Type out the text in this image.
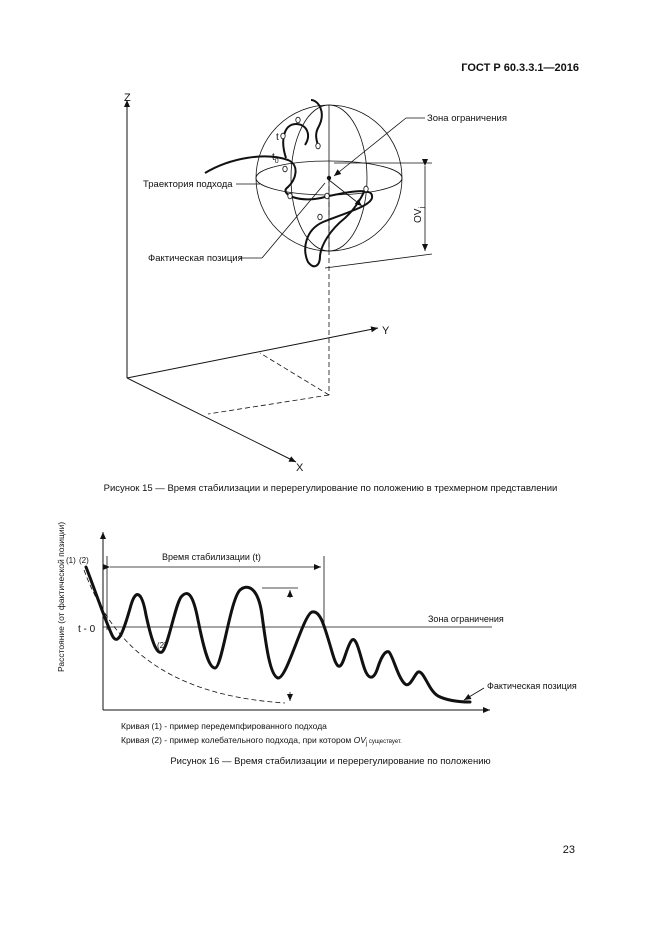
ГОСТ Р 60.3.3.1—2016
Z
Y
X
t
$t_0$
Зона ограничения
Траектория подхода
Фактическая позиция
$OV_j$
Расстояние (от фактической позиции) (1) (2)
(2)
t - 0
Зона ограничения
Время стабилизации (t)
Фактическая позиция
Кривая (1) - пример передемпфированного подхода
Кривая (2) - пример колебательного подхода, при котором $OV_j$ $^{существует.}$
Рисунок 15 — Время стабилизации и перерегулирование по положению в трехмерном представлении
Рисунок 16 — Время стабилизации и перерегулирование по положению
23
